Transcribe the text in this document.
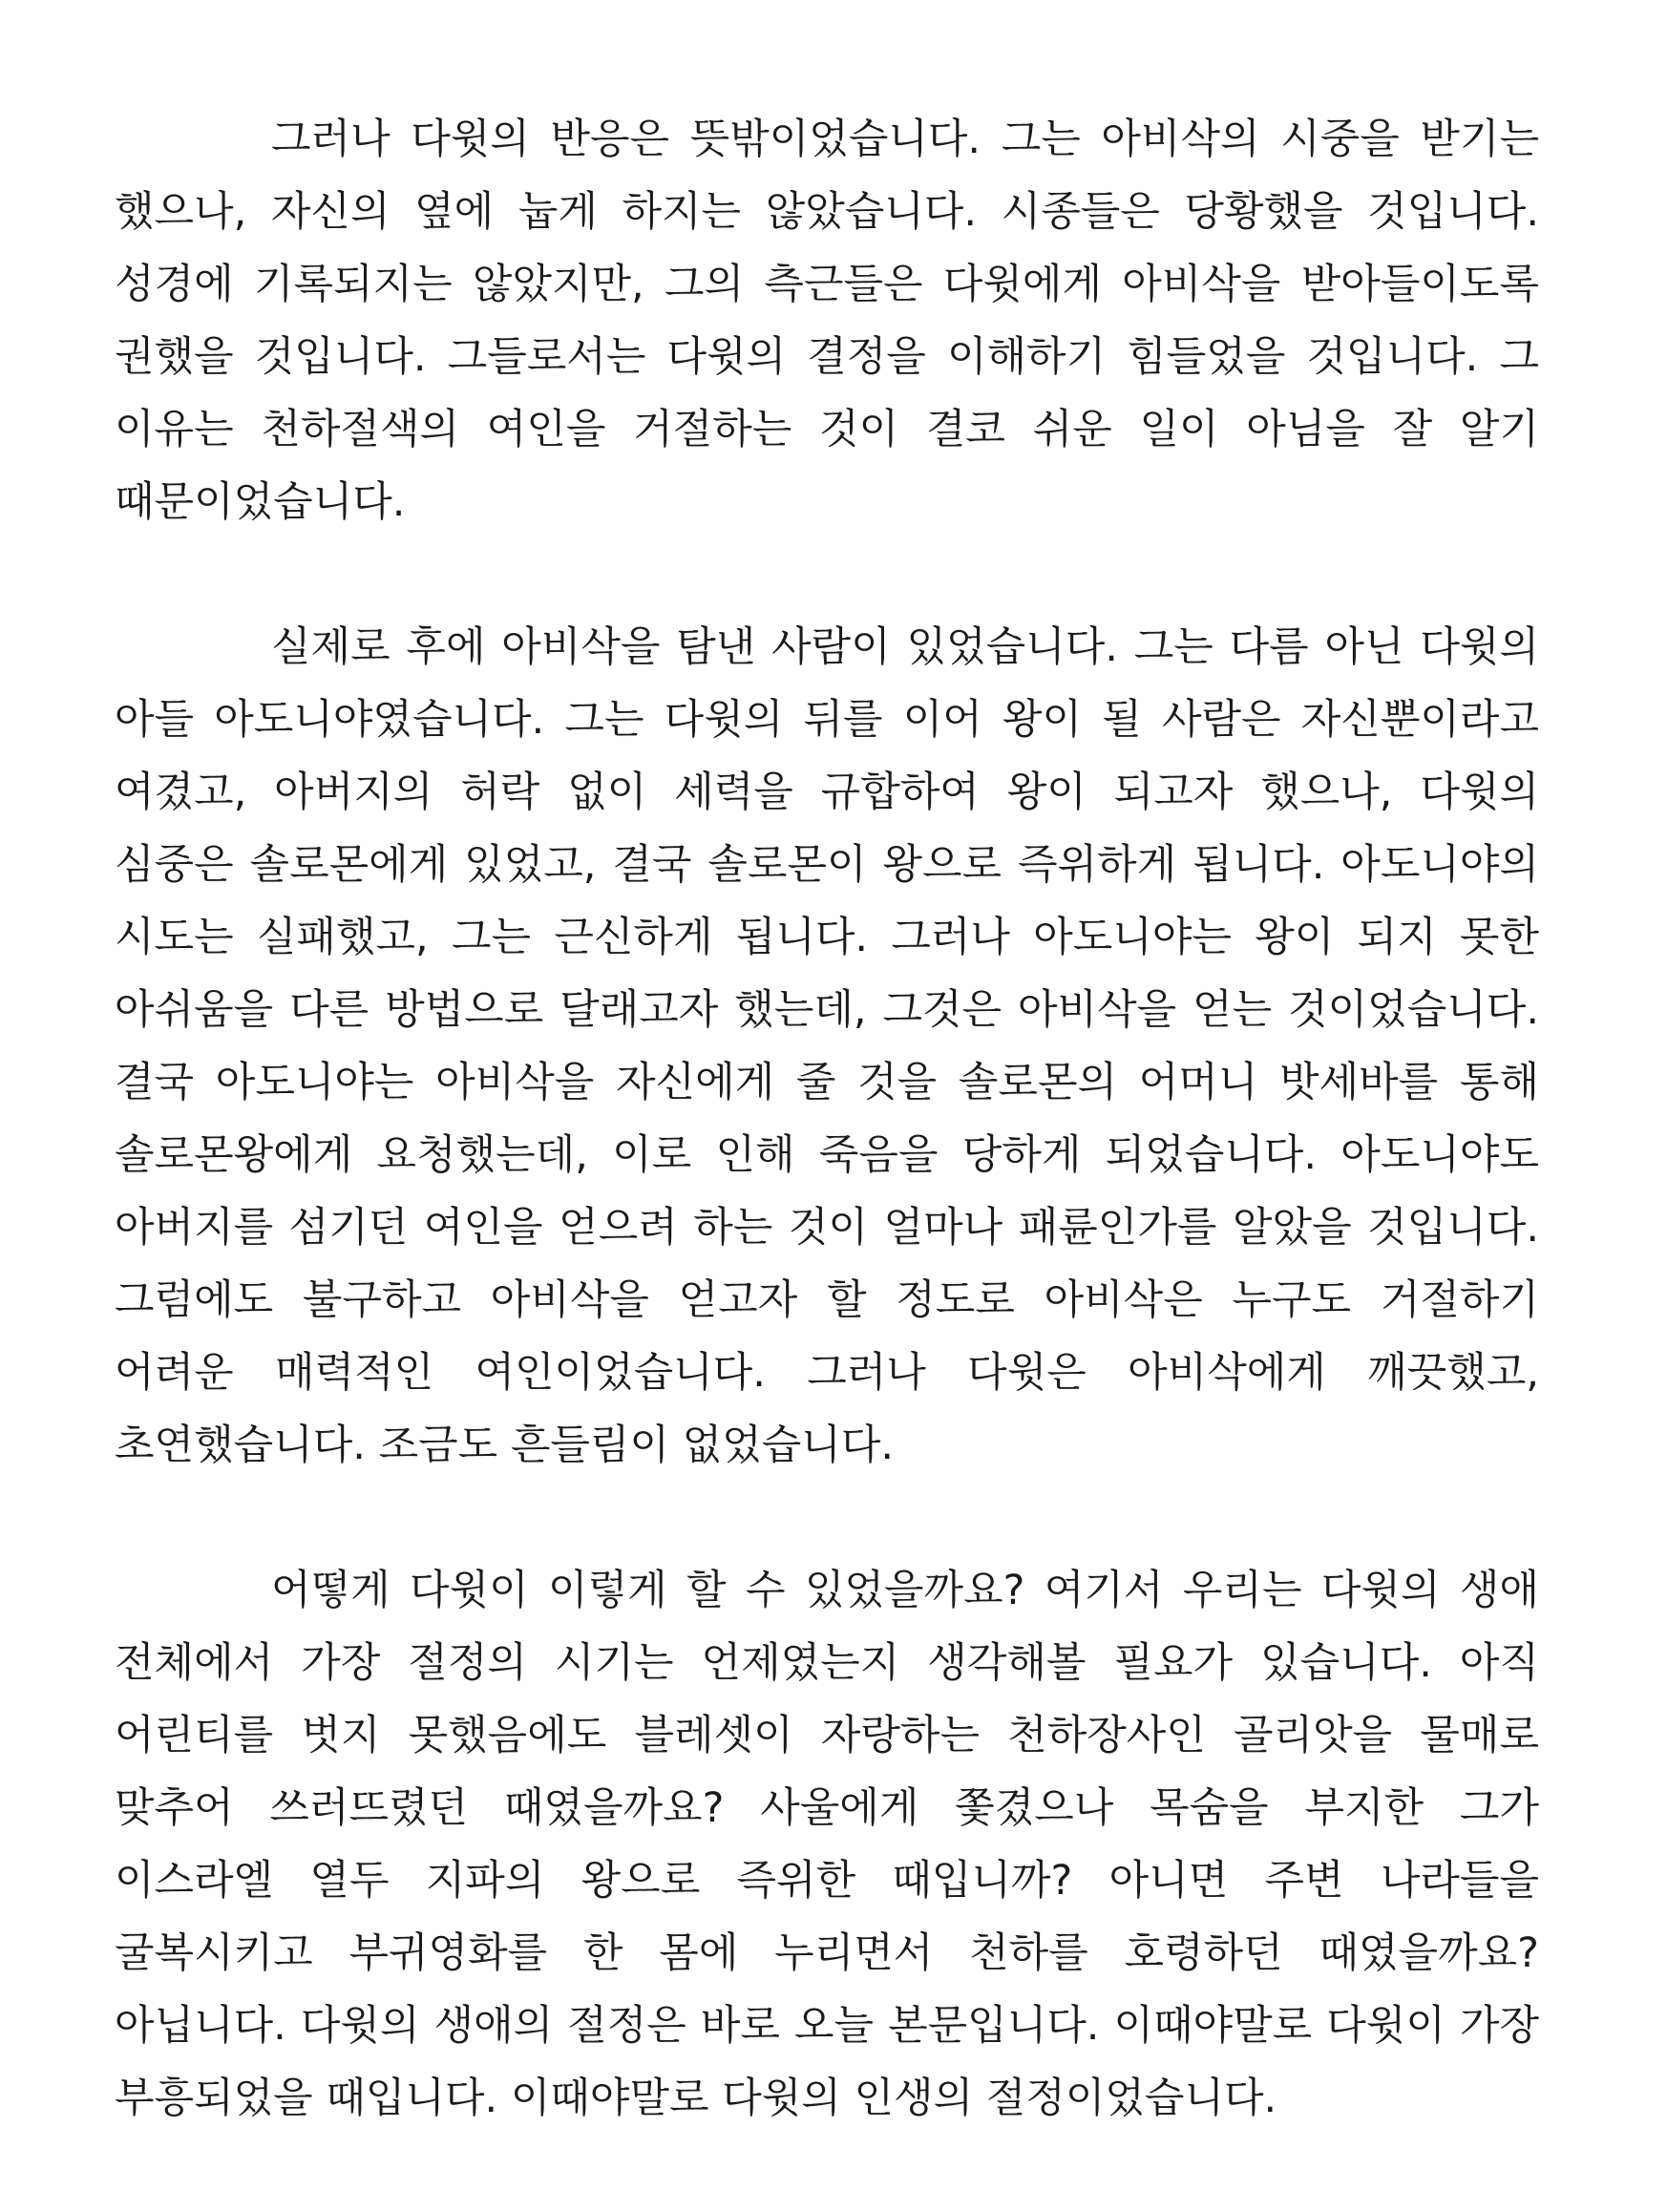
그러나 다윗의 반응은 뜻밖이었습니다. 그는 아비삭의 시중을 받기는 했으나, 자신의 옆에 눕게 하지는 않았습니다. 시종들은 당황했을 것입니다. 성경에 기록되지는 않았지만, 그의 측근들은 다윗에게 아비삭을 받아들이도록 권했을 것입니다. 그들로서는 다윗의 결정을 이해하기 힘들었을 것입니다. 그 이유는 천하절색의 여인을 거절하는 것이 결코 쉬운 일이 아님을 잘 알기 때문이었습니다.

실제로 후에 아비삭을 탐낸 사람이 있었습니다. 그는 다름 아닌 다윗의 아들 아도니야였습니다. 그는 다윗의 뒤를 이어 왕이 될 사람은 자신뿐이라고 여겼고, 아버지의 허락 없이 세력을 규합하여 왕이 되고자 했으나, 다윗의 심중은 솔로몬에게 있었고, 결국 솔로몬이 왕으로 즉위하게 됩니다. 아도니야의 시도는 실패했고, 그는 근신하게 됩니다. 그러나 아도니야는 왕이 되지 못한 아쉬움을 다른 방법으로 달래고자 했는데, 그것은 아비삭을 얻는 것이었습니다. 결국 아도니야는 아비삭을 자신에게 줄 것을 솔로몬의 어머니 밧세바를 통해 솔로몬왕에게 요청했는데, 이로 인해 죽음을 당하게 되었습니다. 아도니야도 아버지를 섬기던 여인을 얻으려 하는 것이 얼마나 패륜인가를 알았을 것입니다. 그럼에도 불구하고 아비삭을 얻고자 할 정도로 아비삭은 누구도 거절하기 어려운 매력적인 여인이었습니다. 그러나 다윗은 아비삭에게 깨끗했고, 초연했습니다. 조금도 흔들림이 없었습니다.

어떻게 다윗이 이렇게 할 수 있었을까요? 여기서 우리는 다윗의 생애 전체에서 가장 절정의 시기는 언제였는지 생각해볼 필요가 있습니다. 아직 어린티를 벗지 못했음에도 블레셋이 자랑하는 천하장사인 골리앗을 물매로 맞추어 쓰러뜨렸던 때였을까요? 사울에게 쫓겼으나 목숨을 부지한 그가 이스라엘 열두 지파의 왕으로 즉위한 때입니까? 아니면 주변 나라들을 굴복시키고 부귀영화를 한 몸에 누리면서 천하를 호령하던 때였을까요? 아닙니다. 다윗의 생애의 절정은 바로 오늘 본문입니다. 이때야말로 다윗이 가장 부흥되었을 때입니다. 이때야말로 다윗의 인생의 절정이었습니다.
